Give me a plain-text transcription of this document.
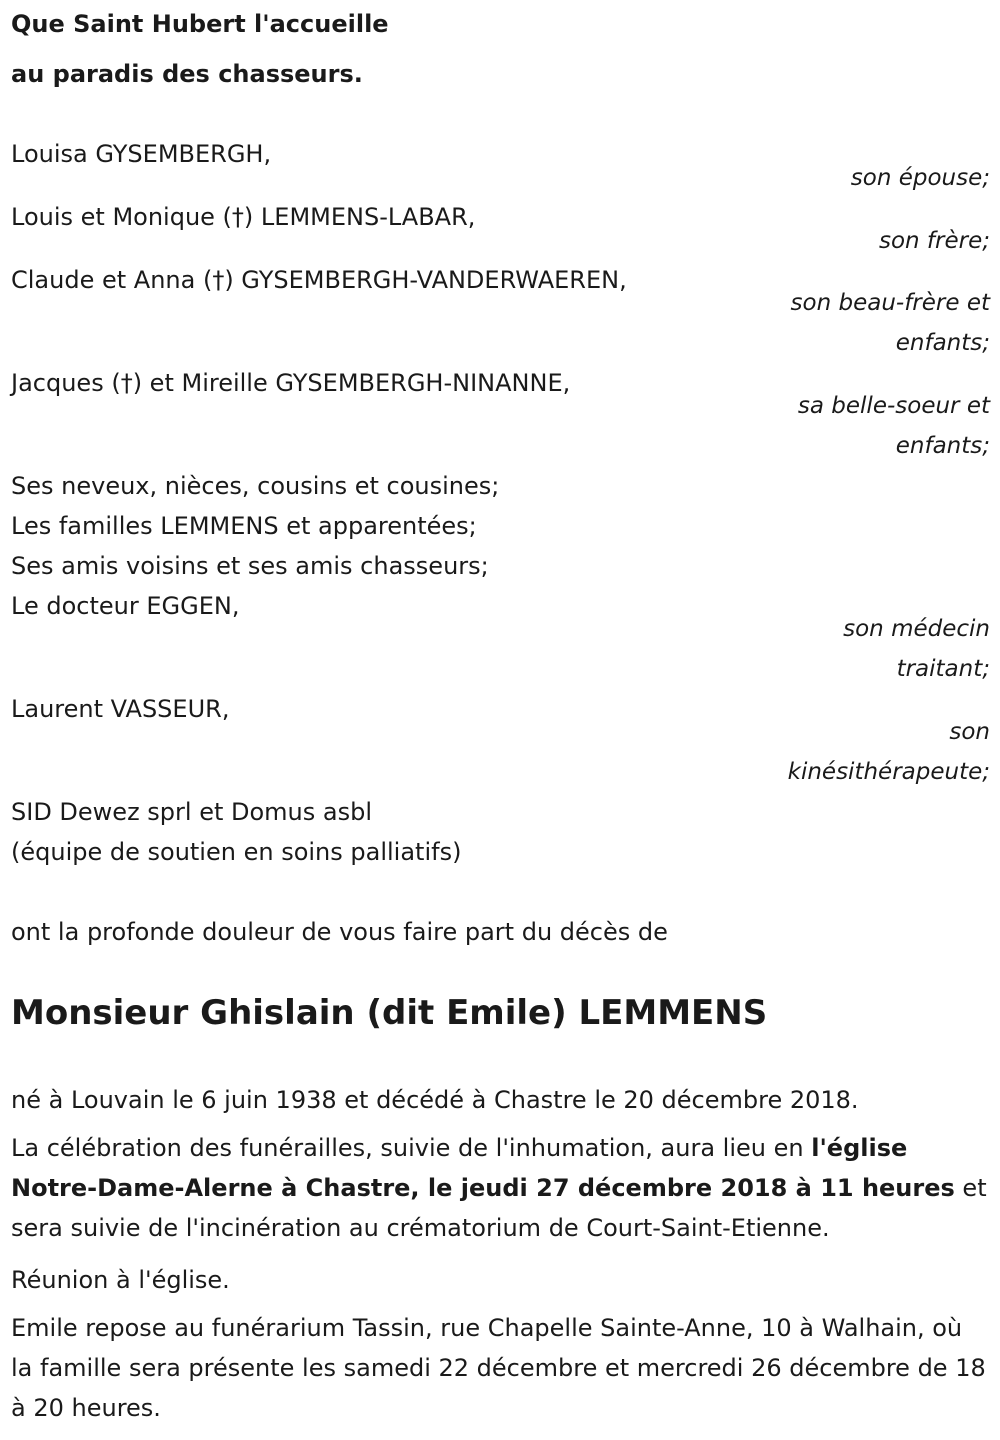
Que Saint Hubert l'accueille
au paradis des chasseurs.
Louisa GYSEMBERGH,
son épouse;
Louis et Monique (†) LEMMENS-LABAR,
son frère;
Claude et Anna (†) GYSEMBERGH-VANDERWAEREN,
son beau-frère et
enfants;
Jacques (†) et Mireille GYSEMBERGH-NINANNE,
sa belle-soeur et
enfants;
Ses neveux, nièces, cousins et cousines;
Les familles LEMMENS et apparentées;
Ses amis voisins et ses amis chasseurs;
Le docteur EGGEN,
son médecin
traitant;
Laurent VASSEUR,
son
kinésithérapeute;
SID Dewez sprl et Domus asbl
(équipe de soutien en soins palliatifs)
ont la profonde douleur de vous faire part du décès de
Monsieur Ghislain (dit Emile) LEMMENS
né à Louvain le 6 juin 1938 et décédé à Chastre le 20 décembre 2018.
La célébration des funérailles, suivie de l'inhumation, aura lieu en l'église Notre-Dame-Alerne à Chastre, le jeudi 27 décembre 2018 à 11 heures et sera suivie de l'incinération au crématorium de Court-Saint-Etienne.
Réunion à l'église.
Emile repose au funérarium Tassin, rue Chapelle Sainte-Anne, 10 à Walhain, où la famille sera présente les samedi 22 décembre et mercredi 26 décembre de 18 à 20 heures.
